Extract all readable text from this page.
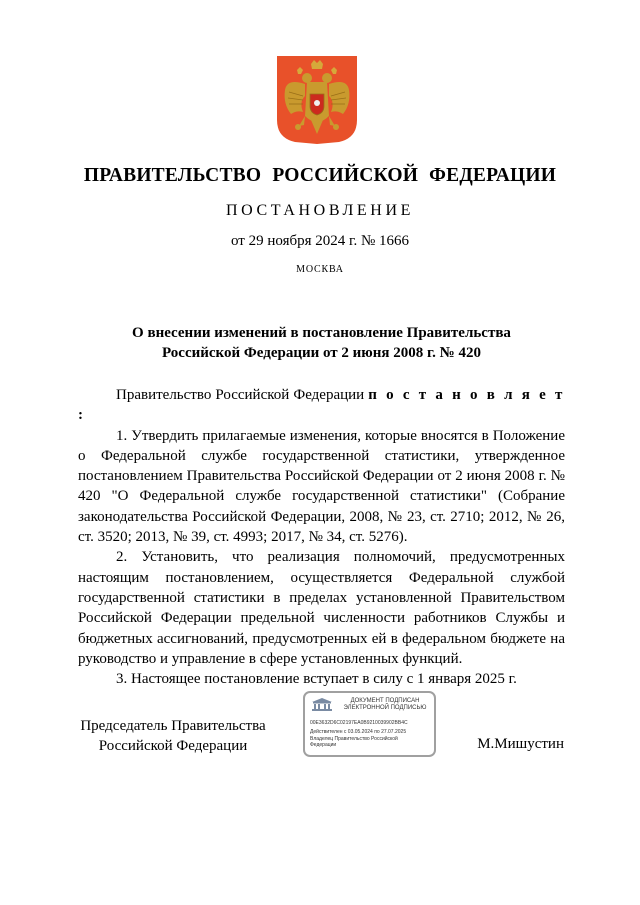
ПРАВИТЕЛЬСТВО РОССИЙСКОЙ ФЕДЕРАЦИИ
ПОСТАНОВЛЕНИЕ
от 29 ноября 2024 г. № 1666
МОСКВА
О внесении изменений в постановление Правительства
Российской Федерации от 2 июня 2008 г. № 420

Правительство Российской Федерации п о с т а н о в л я е т :

1. Утвердить прилагаемые изменения, которые вносятся в Положение о Федеральной службе государственной статистики, утвержденное постановлением Правительства Российской Федерации от 2 июня 2008 г. № 420 "О Федеральной службе государственной статистики" (Собрание законодательства Российской Федерации, 2008, № 23, ст. 2710; 2012, № 26, ст. 3520; 2013, № 39, ст. 4993; 2017, № 34, ст. 5276).

2. Установить, что реализация полномочий, предусмотренных настоящим постановлением, осуществляется Федеральной службой государственной статистики в пределах установленной Правительством Российской Федерации предельной численности работников Службы и бюджетных ассигнований, предусмотренных ей в федеральном бюджете на руководство и управление в сфере установленных функций.

3. Настоящее постановление вступает в силу с 1 января 2025 г.

Председатель Правительства
Российской Федерации
ДОКУМЕНТ ПОДПИСАН
ЭЛЕКТРОННОЙ ПОДПИСЬЮ
00E3632D6C02197EA0B9210039902BB4C
Действителен с 03.05.2024 по 27.07.2025
Владелец Правительство Российской
Федерации	М.Мишустин
